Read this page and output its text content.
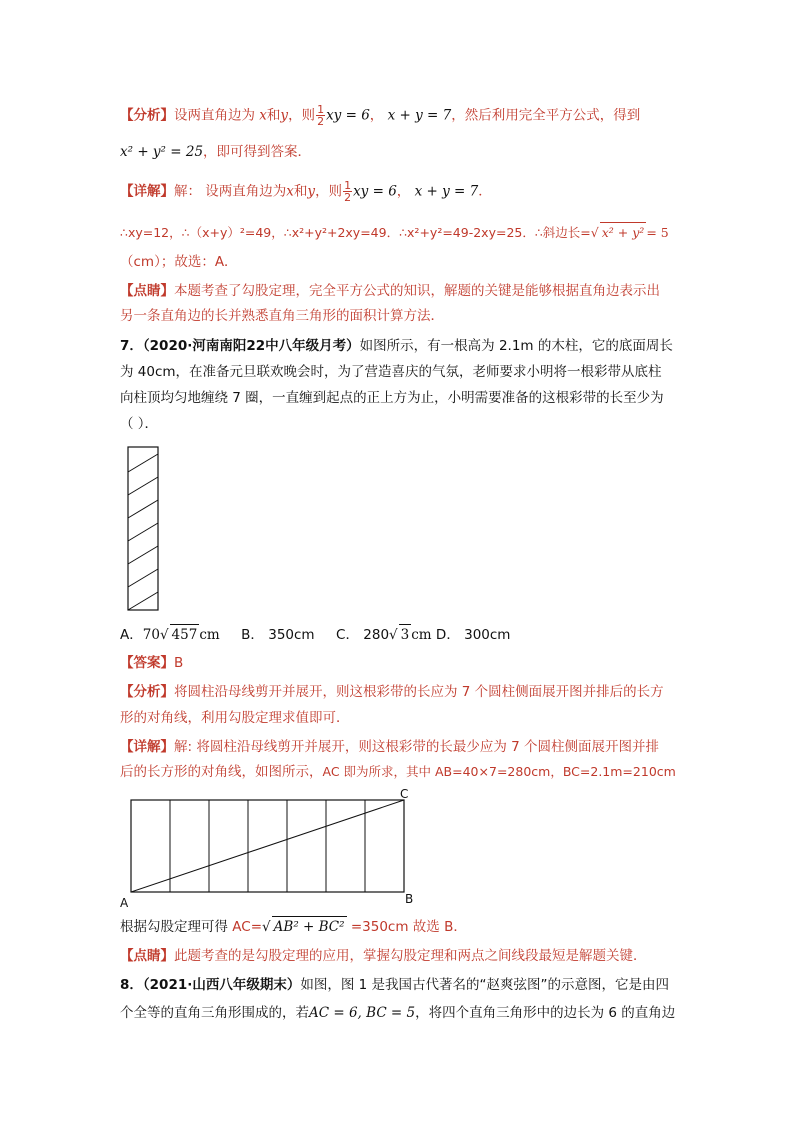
【分析】设两直角边为 x和y，则 $\frac{1}{2}$ xy = 6， x + y = 7，然后利用完全平方公式，得到
x² + y² = 25，即可得到答案．
【详解】解： 设两直角边为x和y，则 $\frac{1}{2}$ xy = 6， x + y = 7．
∴xy=12，∴（x+y）²=49，∴x²+y²+2xy=49．∴x²+y²=49-2xy=25．∴斜边长=√ x² + y² = 5
（cm）；故选：A．
【点睛】本题考查了勾股定理，完全平方公式的知识，解题的关键是能够根据直角边表示出
另一条直角边的长并熟悉直角三角形的面积计算方法．
7．（2020·河南南阳22中八年级月考）如图所示，有一根高为 2.1m 的木柱，它的底面周长
为 40cm，在准备元旦联欢晚会时，为了营造喜庆的气氛，老师要求小明将一根彩带从底柱
向柱顶均匀地缠绕 7 圈，一直缠到起点的正上方为止，小明需要准备的这根彩带的长至少为
（ ）．
A．70√ 457 cm B． 350cm C． 280√ 3 cm D． 300cm
【答案】B
【分析】将圆柱沿母线剪开并展开，则这根彩带的长应为 7 个圆柱侧面展开图并排后的长方
形的对角线，利用勾股定理求值即可．
【详解】解: 将圆柱沿母线剪开并展开，则这根彩带的长最少应为 7 个圆柱侧面展开图并排
后的长方形的对角线，如图所示，AC 即为所求，其中 AB=40×7=280cm，BC=2.1m=210cm
A	B
C
根据勾股定理可得 AC=√ AB² + BC² =350cm 故选 B．
【点睛】此题考查的是勾股定理的应用，掌握勾股定理和两点之间线段最短是解题关键．
8．（2021·山西八年级期末）如图，图 1 是我国古代著名的“赵爽弦图”的示意图，它是由四
个全等的直角三角形围成的，若AC = 6, BC = 5，将四个直角三角形中的边长为 6 的直角边
